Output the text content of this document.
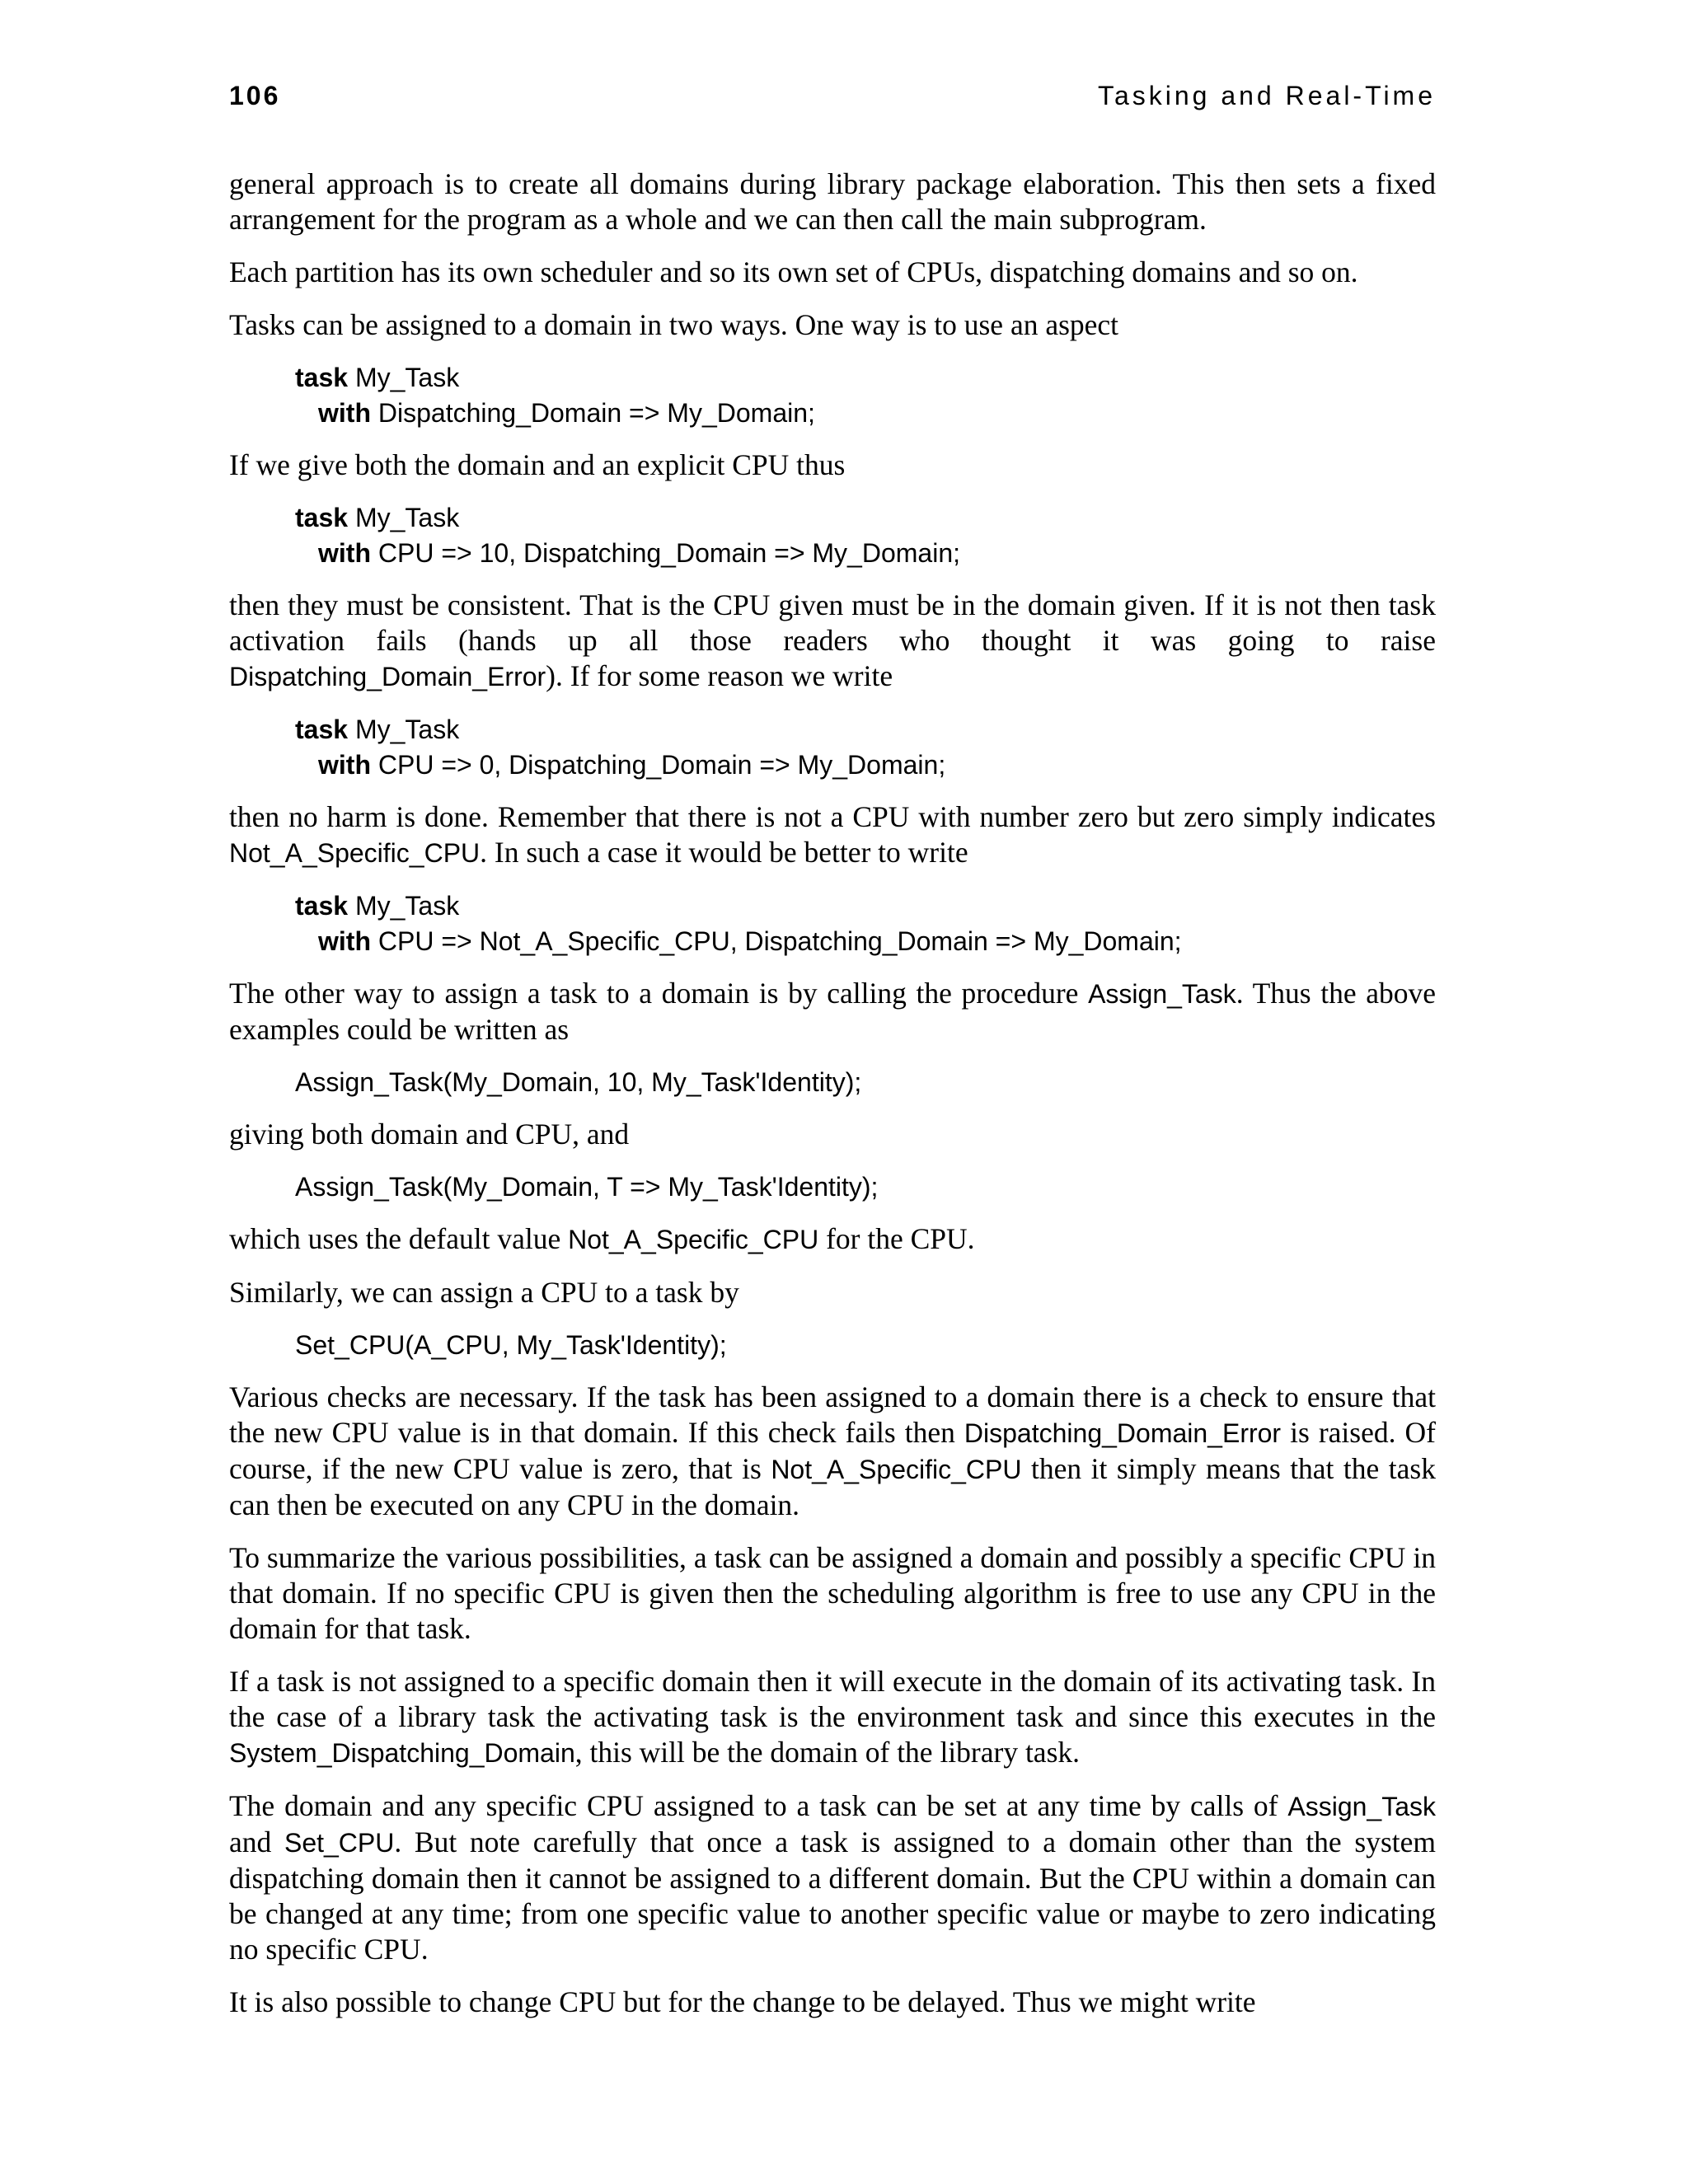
106	Tasking and Real-Time

general approach is to create all domains during library package elaboration. This then sets a fixed arrangement for the program as a whole and we can then call the main subprogram.

Each partition has its own scheduler and so its own set of CPUs, dispatching domains and so on.

Tasks can be assigned to a domain in two ways. One way is to use an aspect

task My_Task
with Dispatching_Domain => My_Domain;

If we give both the domain and an explicit CPU thus

task My_Task
with CPU => 10, Dispatching_Domain => My_Domain;

then they must be consistent. That is the CPU given must be in the domain given. If it is not then task activation fails (hands up all those readers who thought it was going to raise Dispatching_Domain_Error). If for some reason we write

task My_Task
with CPU => 0, Dispatching_Domain => My_Domain;

then no harm is done. Remember that there is not a CPU with number zero but zero simply indicates Not_A_Specific_CPU. In such a case it would be better to write

task My_Task
with CPU => Not_A_Specific_CPU, Dispatching_Domain => My_Domain;

The other way to assign a task to a domain is by calling the procedure Assign_Task. Thus the above examples could be written as

Assign_Task(My_Domain, 10, My_Task'Identity);

giving both domain and CPU, and

Assign_Task(My_Domain, T => My_Task'Identity);

which uses the default value Not_A_Specific_CPU for the CPU.

Similarly, we can assign a CPU to a task by

Set_CPU(A_CPU, My_Task'Identity);

Various checks are necessary. If the task has been assigned to a domain there is a check to ensure that the new CPU value is in that domain. If this check fails then Dispatching_Domain_Error is raised. Of course, if the new CPU value is zero, that is Not_A_Specific_CPU then it simply means that the task can then be executed on any CPU in the domain.

To summarize the various possibilities, a task can be assigned a domain and possibly a specific CPU in that domain. If no specific CPU is given then the scheduling algorithm is free to use any CPU in the domain for that task.

If a task is not assigned to a specific domain then it will execute in the domain of its activating task. In the case of a library task the activating task is the environment task and since this executes in the System_Dispatching_Domain, this will be the domain of the library task.

The domain and any specific CPU assigned to a task can be set at any time by calls of Assign_Task and Set_CPU. But note carefully that once a task is assigned to a domain other than the system dispatching domain then it cannot be assigned to a different domain. But the CPU within a domain can be changed at any time; from one specific value to another specific value or maybe to zero indicating no specific CPU.

It is also possible to change CPU but for the change to be delayed. Thus we might write
